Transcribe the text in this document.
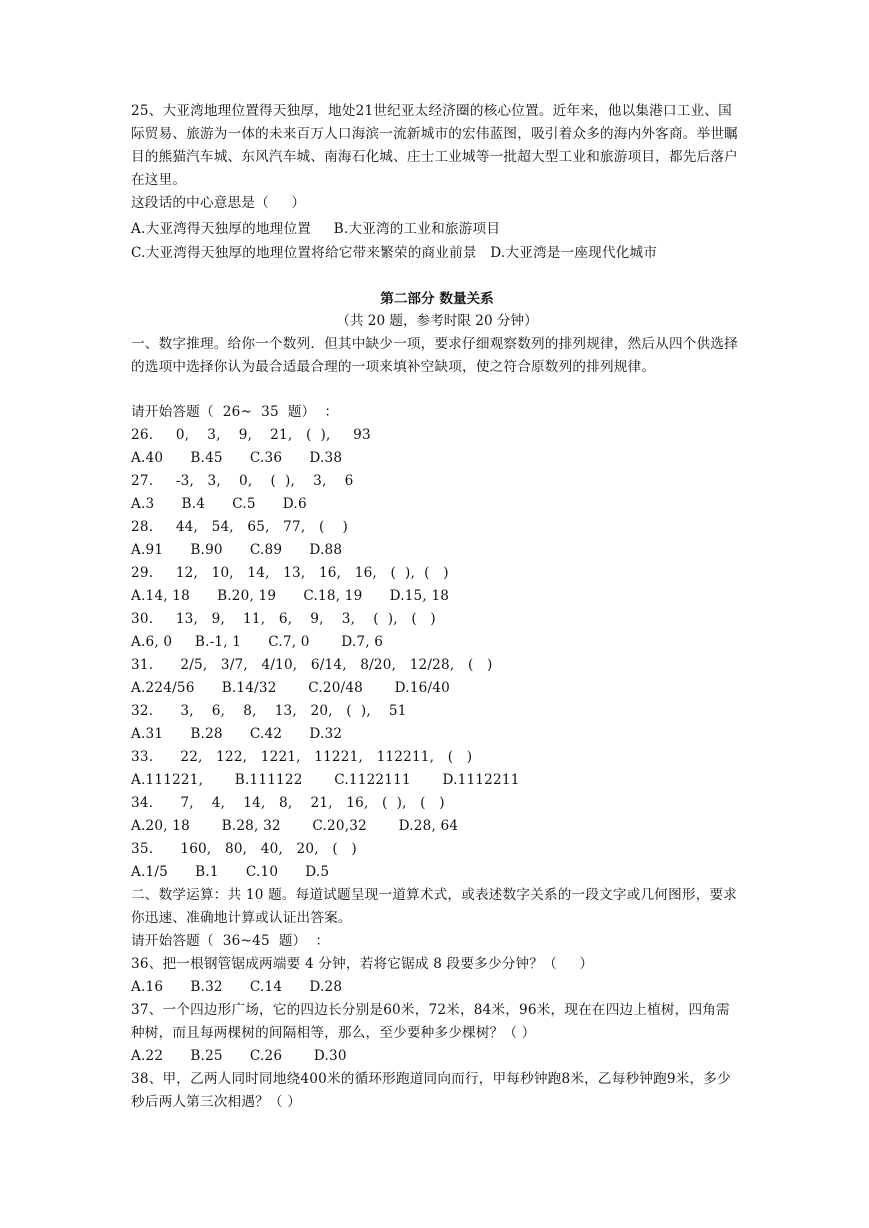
25、大亚湾地理位置得天独厚，地处21世纪亚太经济圈的核心位置。近年来，他以集港口工业、国际贸易、旅游为一体的未来百万人口海滨一流新城市的宏伟蓝图，吸引着众多的海内外客商。举世瞩目的熊猫汽车城、东风汽车城、南海石化城、庄士工业城等一批超大型工业和旅游项目，都先后落户在这里。

这段话的中心意思是（     ）

A.大亚湾得天独厚的地理位置     B.大亚湾的工业和旅游项目

C.大亚湾得天独厚的地理位置将给它带来繁荣的商业前景   D.大亚湾是一座现代化城市

第二部分 数量关系

（共 20 题，参考时限 20 分钟）

一、数字推理。给你一个数列．但其中缺少一项，要求仔细观察数列的排列规律，然后从四个供选择的选项中选择你认为最合适最合理的一项来填补空缺项，使之符合原数列的排列规律。

请开始答题（  26~  35  题）  ：

26.     0,    3,    9,    21,   (  ),     93

A.40      B.45      C.36      D.38

27.     -3,   3,    0,    (  ),    3,    6

A.3      B.4      C.5      D.6

28.     44,   54,   65,   77,   (    )

A.91      B.90      C.89      D.88

29.     12,   10,   14,   13,   16,   16,   (  ),  (   )

A.14, 18      B.20, 19      C.18, 19      D.15, 18

30.     13,   9,    11,   6,    9,    3,    (  ),   (   )

A.6, 0     B.-1, 1      C.7, 0       D.7, 6

31.      2/5,   3/7,   4/10,   6/14,   8/20,   12/28,   (   )

A.224/56      B.14/32       C.20/48       D.16/40

32.      3,    6,    8,    13,   20,   (  ),    51

A.31      B.28      C.42      D.32

33.      22,   122,   1221,   11221,   112211,   (   )

A.111221,       B.111122       C.1122111       D.1112211

34.      7,    4,    14,   8,    21,   16,   (  ),   (   )

A.20, 18       B.28, 32       C.20,32       D.28, 64

35.      160,   80,   40,   20,   (   )

A.1/5      B.1      C.10      D.5

二、数学运算：共 10 题。每道试题呈现一道算术式，或表述数字关系的一段文字或几何图形，要求你迅速、准确地计算或认证出答案。

请开始答题（  36~45  题）  ：

36、把一根钢管锯成两端要 4 分钟，若将它锯成 8 段要多少分钟？（     ）

A.16      B.32      C.14      D.28

37、一个四边形广场，它的四边长分别是60米，72米，84米，96米，现在在四边上植树，四角需种树，而且每两棵树的间隔相等，那么，至少要种多少棵树？（ ）

A.22      B.25      C.26       D.30

38、甲，乙两人同时同地绕400米的循环形跑道同向而行，甲每秒钟跑8米，乙每秒钟跑9米，多少秒后两人第三次相遇？（ ）
